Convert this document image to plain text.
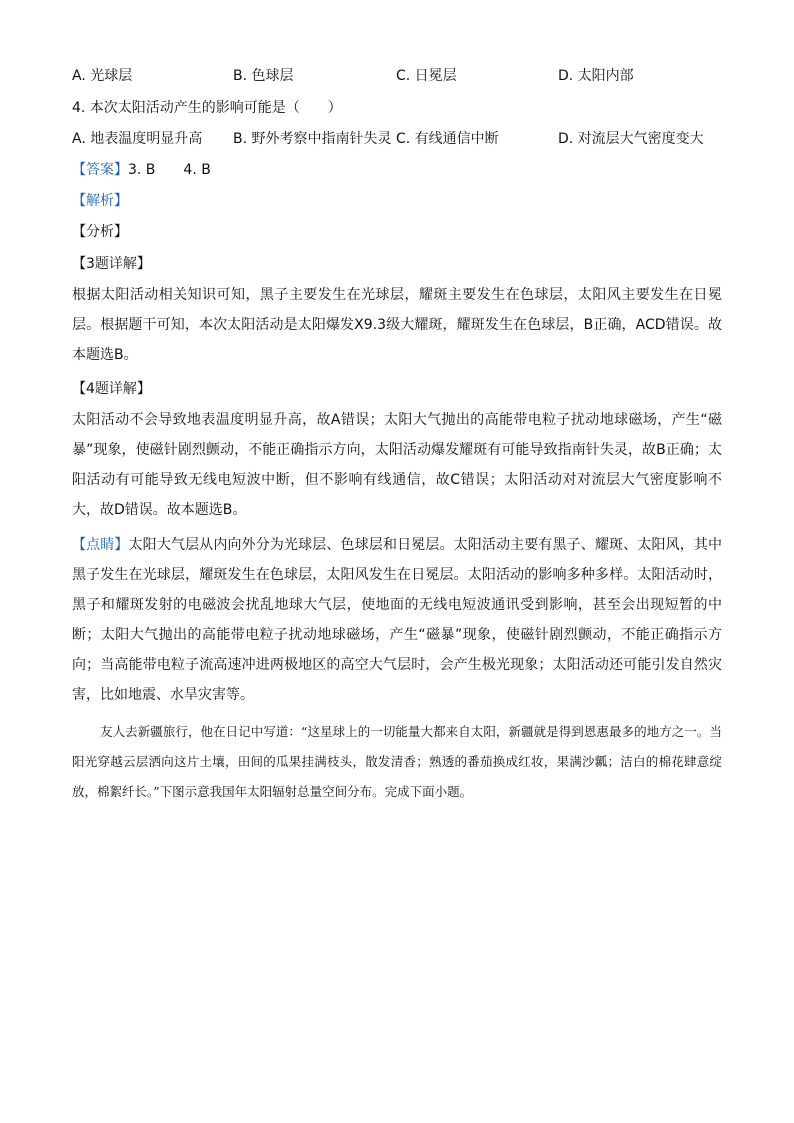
A. 光球层	B. 色球层	C. 日冕层	D. 太阳内部
4. 本次太阳活动产生的影响可能是（　　）
A. 地表温度明显升高 B. 野外考察中指南针失灵 C. 有线通信中断	D. 对流层大气密度变大
【答案】3. B　　4. B
【解析】
【分析】
【3题详解】
根据太阳活动相关知识可知，黑子主要发生在光球层，耀斑主要发生在色球层，太阳风主要发生在日冕层。根据题干可知，本次太阳活动是太阳爆发X9.3级大耀斑，耀斑发生在色球层，B正确，ACD错误。故本题选B。
【4题详解】
太阳活动不会导致地表温度明显升高，故A错误；太阳大气抛出的高能带电粒子扰动地球磁场，产生“磁暴”现象，使磁针剧烈颤动，不能正确指示方向，太阳活动爆发耀斑有可能导致指南针失灵，故B正确；太阳活动有可能导致无线电短波中断，但不影响有线通信，故C错误；太阳活动对对流层大气密度影响不大，故D错误。故本题选B。
【点睛】太阳大气层从内向外分为光球层、色球层和日冕层。太阳活动主要有黑子、耀斑、太阳风，其中黑子发生在光球层，耀斑发生在色球层，太阳风发生在日冕层。太阳活动的影响多种多样。太阳活动时，黑子和耀斑发射的电磁波会扰乱地球大气层，使地面的无线电短波通讯受到影响，甚至会出现短暂的中断；太阳大气抛出的高能带电粒子扰动地球磁场，产生“磁暴”现象，使磁针剧烈颤动，不能正确指示方向；当高能带电粒子流高速冲进两极地区的高空大气层时，会产生极光现象；太阳活动还可能引发自然灾害，比如地震、水旱灾害等。
友人去新疆旅行，他在日记中写道：“这星球上的一切能量大都来自太阳，新疆就是得到恩惠最多的地方之一。当阳光穿越云层洒向这片土壤，田间的瓜果挂满枝头，散发清香；熟透的番茄换成红妆，果满沙瓤；洁白的棉花肆意绽放，棉絮纤长。”下图示意我国年太阳辐射总量空间分布。完成下面小题。
